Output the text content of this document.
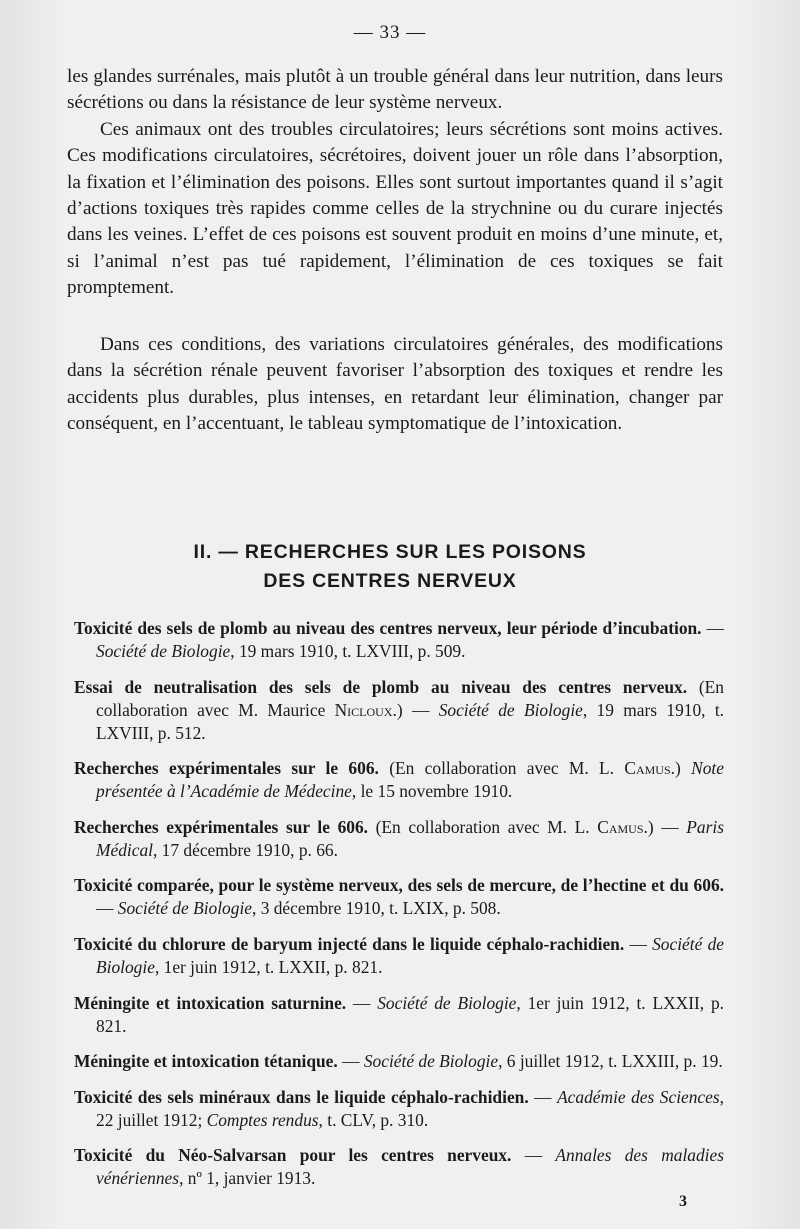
— 33 —

les glandes surrénales, mais plutôt à un trouble général dans leur nutrition, dans leurs sécrétions ou dans la résistance de leur système nerveux.
Ces animaux ont des troubles circulatoires; leurs sécrétions sont moins actives. Ces modifications circulatoires, sécrétoires, doivent jouer un rôle dans l’absorption, la fixation et l’élimination des poisons. Elles sont surtout importantes quand il s’agit d’actions toxiques très rapides comme celles de la strychnine ou du curare injectés dans les veines. L’effet de ces poisons est souvent produit en moins d’une minute, et, si l’animal n’est pas tué rapidement, l’élimination de ces toxiques se fait promptement.

Dans ces conditions, des variations circulatoires générales, des modifications dans la sécrétion rénale peuvent favoriser l’absorption des toxiques et rendre les accidents plus durables, plus intenses, en retardant leur élimination, changer par conséquent, en l’accentuant, le tableau symptomatique de l’intoxication.

II. — RECHERCHES SUR LES POISONS
DES CENTRES NERVEUX

Toxicité des sels de plomb au niveau des centres nerveux, leur période d’incubation. — Société de Biologie, 19 mars 1910, t. LXVIII, p. 509.

Essai de neutralisation des sels de plomb au niveau des centres nerveux. (En collaboration avec M. Maurice Nicloux.) — Société de Biologie, 19 mars 1910, t. LXVIII, p. 512.

Recherches expérimentales sur le 606. (En collaboration avec M. L. Camus.) Note présentée à l’Académie de Médecine, le 15 novembre 1910.

Recherches expérimentales sur le 606. (En collaboration avec M. L. Camus.) — Paris Médical, 17 décembre 1910, p. 66.

Toxicité comparée, pour le système nerveux, des sels de mercure, de l’hectine et du 606. — Société de Biologie, 3 décembre 1910, t. LXIX, p. 508.

Toxicité du chlorure de baryum injecté dans le liquide céphalo-rachidien. — Société de Biologie, 1er juin 1912, t. LXXII, p. 821.

Méningite et intoxication saturnine. — Société de Biologie, 1er juin 1912, t. LXXII, p. 821.

Méningite et intoxication tétanique. — Société de Biologie, 6 juillet 1912, t. LXXIII, p. 19.

Toxicité des sels minéraux dans le liquide céphalo-rachidien. — Académie des Sciences, 22 juillet 1912; Comptes rendus, t. CLV, p. 310.

Toxicité du Néo-Salvarsan pour les centres nerveux. — Annales des maladies vénériennes, nº 1, janvier 1913.

3
